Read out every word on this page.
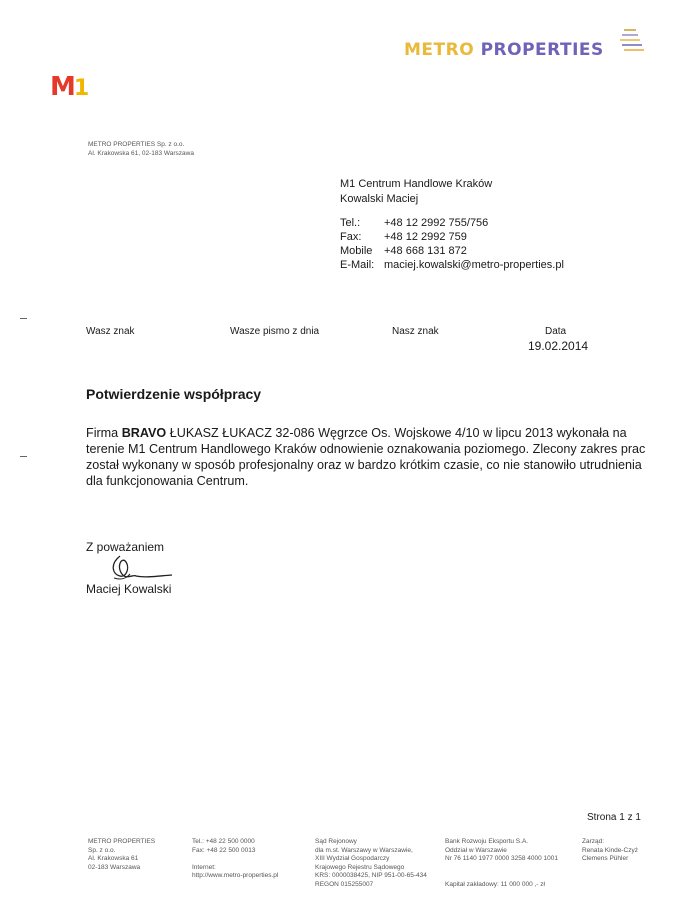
M1
METRO PROPERTIES
METRO PROPERTIES Sp. z o.o.
Al. Krakowska 61, 02-183 Warszawa
M1 Centrum Handlowe Kraków
Kowalski Maciej
Tel.: +48 12 2992 755/756
Fax: +48 12 2992 759
Mobile +48 668 131 872
E-Mail: maciej.kowalski@metro-properties.pl
Wasz znak	Wasze pismo z dnia	Nasz znak	Data
19.02.2014
Potwierdzenie współpracy
Firma BRAVO ŁUKASZ ŁUKACZ 32-086 Węgrzce Os. Wojskowe 4/10 w lipcu 2013 wykonała na terenie M1 Centrum Handlowego Kraków odnowienie oznakowania poziomego. Zlecony zakres prac został wykonany w sposób profesjonalny oraz w bardzo krótkim czasie, co nie stanowiło utrudnienia dla funkcjonowania Centrum.
Z poważaniem
Maciej Kowalski
Strona 1 z 1
METRO PROPERTIES
Sp. z o.o.
Al. Krakowska 61
02-183 Warszawa
Tel.: +48 22 500 0000
Fax: +48 22 500 0013

Internet:
http://www.metro-properties.pl
Sąd Rejonowy
dla m.st. Warszawy w Warszawie,
XIII Wydział Gospodarczy
Krajowego Rejestru Sądowego
KRS: 0000038425, NIP 951-00-65-434
REGON 015255007
Bank Rozwoju Eksportu S.A.
Oddział w Warszawie
Nr 76 1140 1977 0000 3258 4000 1001

Kapitał zakładowy: 11 000 000 ,- zł
Zarząd:
Renata Kinde-Czyż
Clemens Pühler
